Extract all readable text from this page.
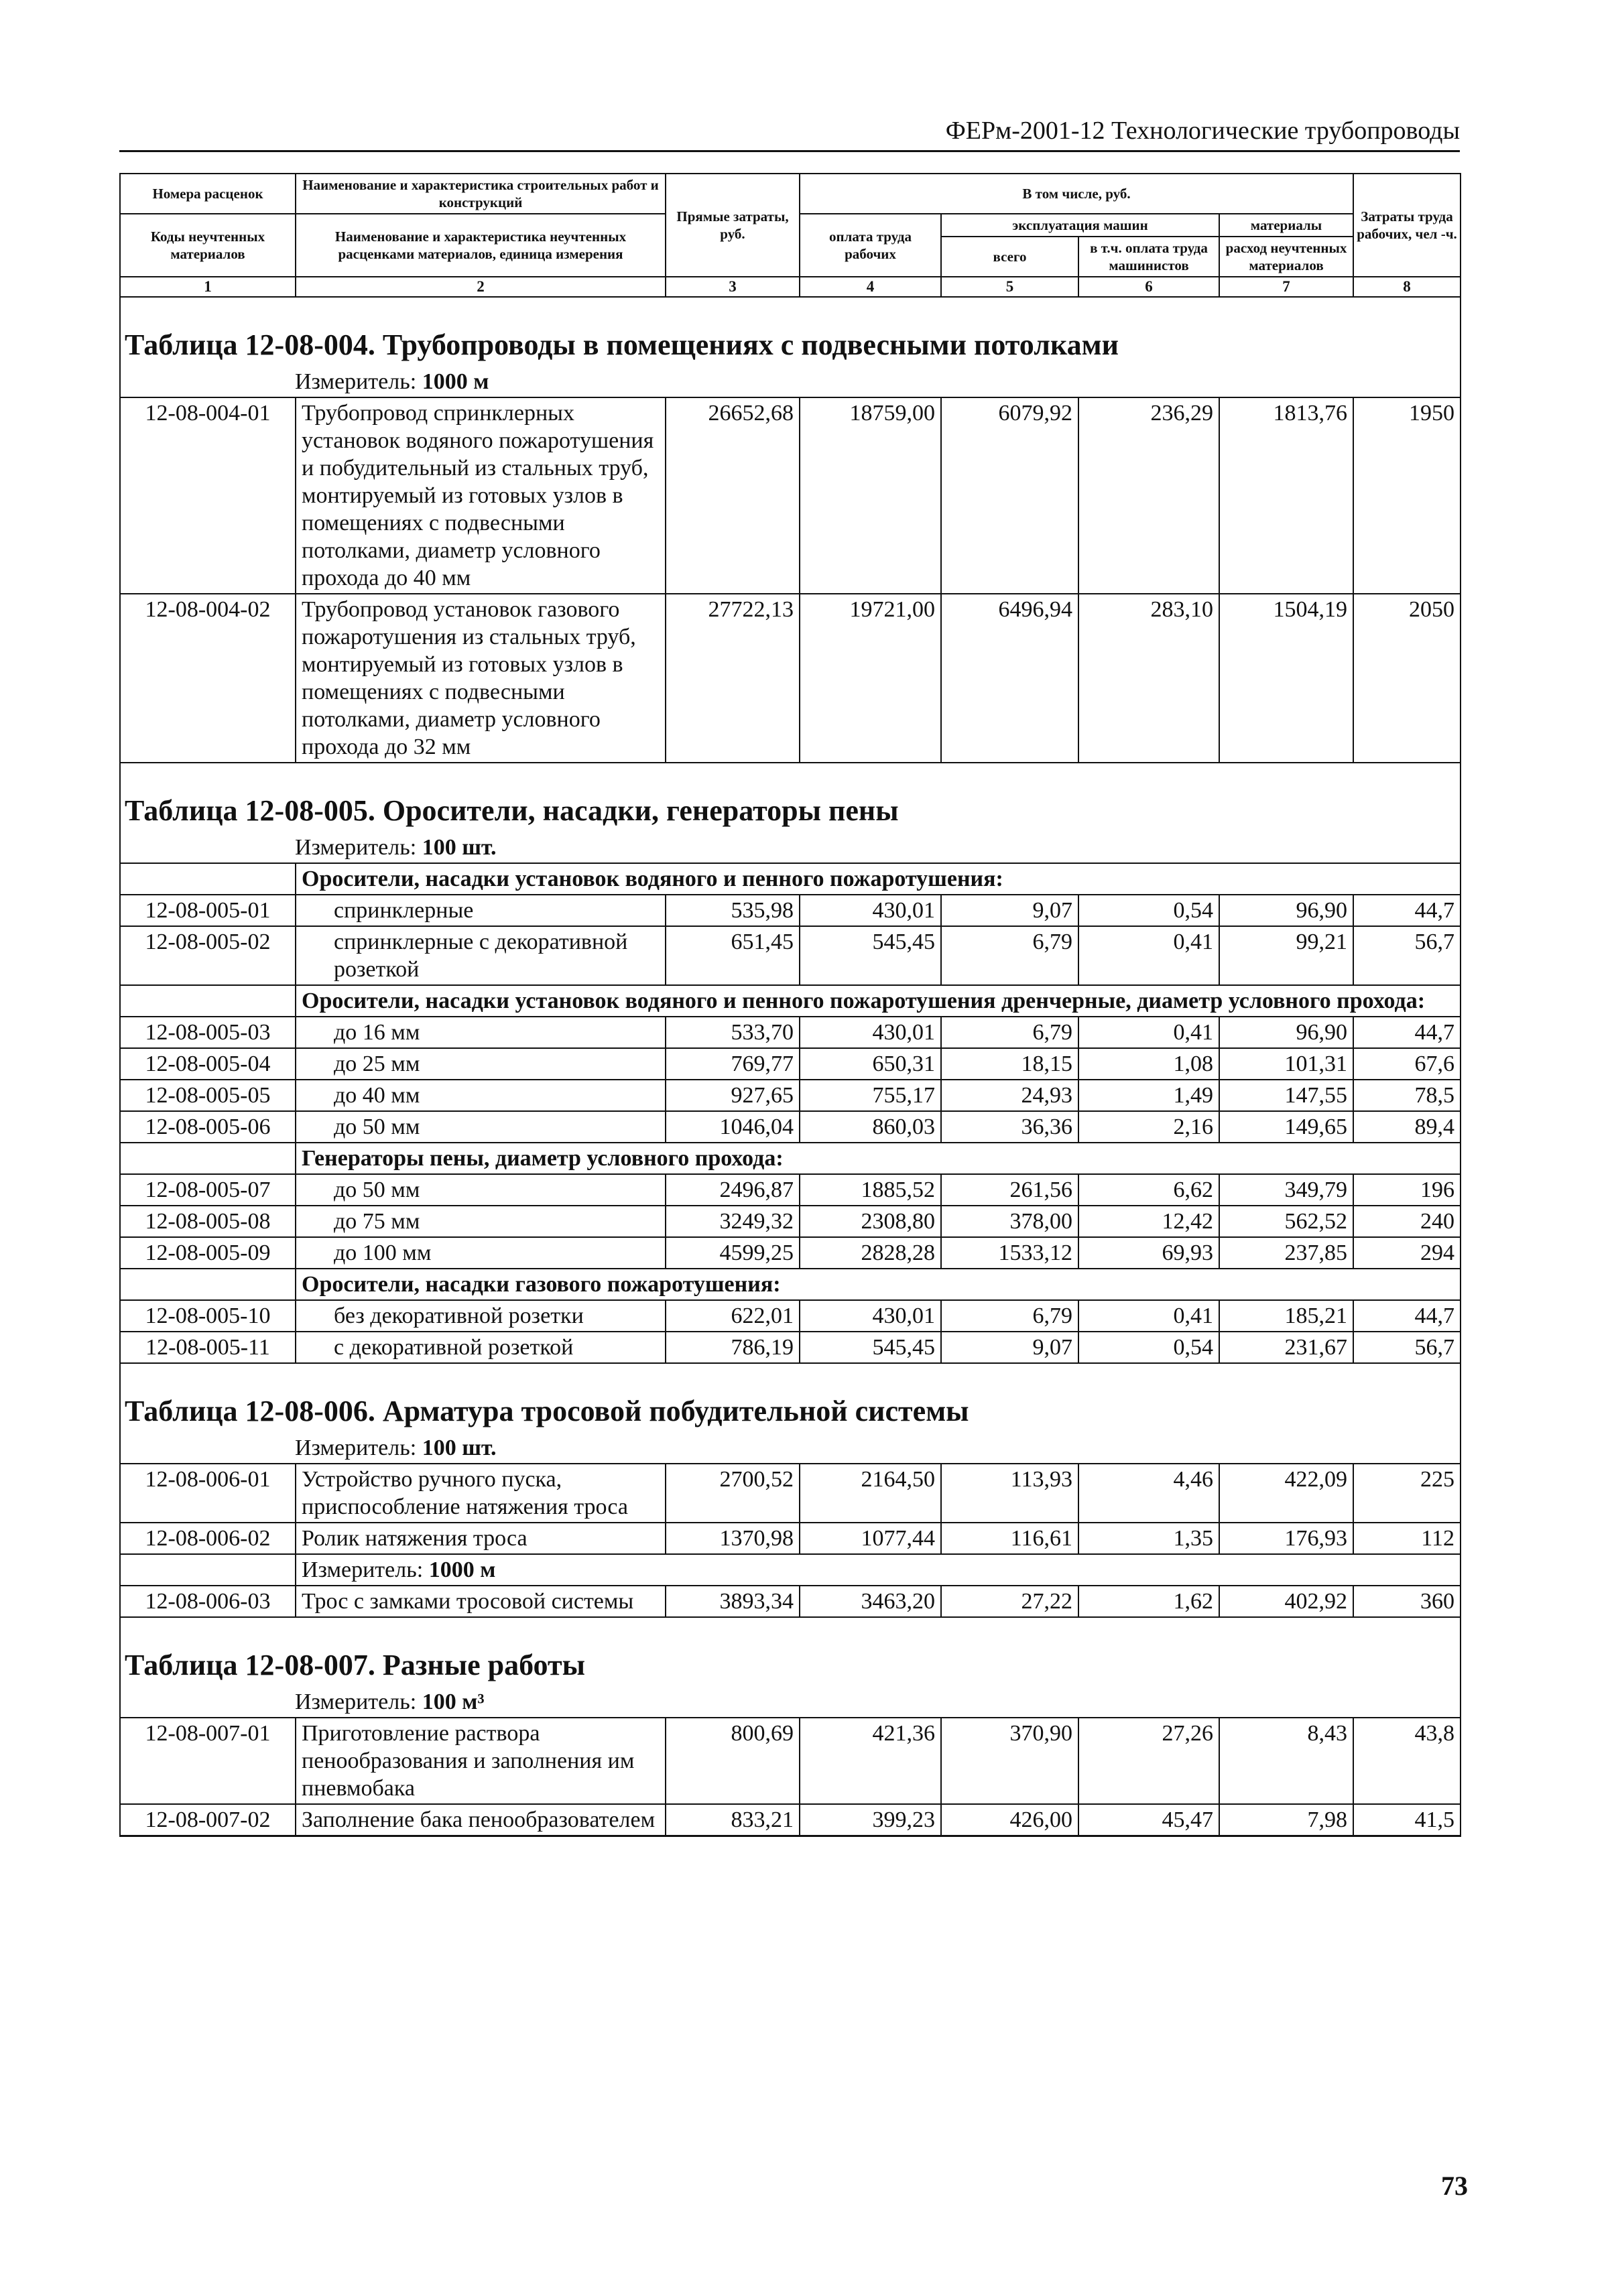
ФЕРм-2001-12 Технологические трубопроводы
Номера расценок	Наименование и характеристика строительных работ и конструкций	Прямые затраты, руб.	В том числе, руб.				Затраты труда рабочих, чел -ч.
Коды неучтенных материалов	Наименование и характеристика неучтенных расценками материалов, единица измерения		оплата труда рабочих	эксплуатация машин		материалы	
				всего	в т.ч. оплата труда машинистов	расход неучтенных материалов	
1	2	3	4	5	6	7	8
Таблица 12-08-004. Трубопроводы в помещениях с подвесными потолками							
Измеритель: 1000 м							
12-08-004-01	Трубопровод спринклерных установок водяного пожаротушения и побудительный из стальных труб, монтируемый из готовых узлов в помещениях с подвесными потолками, диаметр условного прохода до 40 мм	26652,68	18759,00	6079,92	236,29	1813,76	1950
12-08-004-02	Трубопровод установок газового пожаротушения из стальных труб, монтируемый из готовых узлов в помещениях с подвесными потолками, диаметр условного прохода до 32 мм	27722,13	19721,00	6496,94	283,10	1504,19	2050
Таблица 12-08-005. Оросители, насадки, генераторы пены							
Измеритель: 100 шт.							
	Оросители, насадки установок водяного и пенного пожаротушения:						
12-08-005-01	спринклерные	535,98	430,01	9,07	0,54	96,90	44,7
12-08-005-02	спринклерные с декоративной розеткой	651,45	545,45	6,79	0,41	99,21	56,7
	Оросители, насадки установок водяного и пенного пожаротушения дренчерные, диаметр условного прохода:						
12-08-005-03	до 16 мм	533,70	430,01	6,79	0,41	96,90	44,7
12-08-005-04	до 25 мм	769,77	650,31	18,15	1,08	101,31	67,6
12-08-005-05	до 40 мм	927,65	755,17	24,93	1,49	147,55	78,5
12-08-005-06	до 50 мм	1046,04	860,03	36,36	2,16	149,65	89,4
	Генераторы пены, диаметр условного прохода:						
12-08-005-07	до 50 мм	2496,87	1885,52	261,56	6,62	349,79	196
12-08-005-08	до 75 мм	3249,32	2308,80	378,00	12,42	562,52	240
12-08-005-09	до 100 мм	4599,25	2828,28	1533,12	69,93	237,85	294
	Оросители, насадки газового пожаротушения:						
12-08-005-10	без декоративной розетки	622,01	430,01	6,79	0,41	185,21	44,7
12-08-005-11	с декоративной розеткой	786,19	545,45	9,07	0,54	231,67	56,7
Таблица 12-08-006. Арматура тросовой побудительной системы							
Измеритель: 100 шт.							
12-08-006-01	Устройство ручного пуска, приспособление натяжения троса	2700,52	2164,50	113,93	4,46	422,09	225
12-08-006-02	Ролик натяжения троса	1370,98	1077,44	116,61	1,35	176,93	112
	Измеритель: 1000 м						
12-08-006-03	Трос с замками тросовой системы	3893,34	3463,20	27,22	1,62	402,92	360
Таблица 12-08-007. Разные работы							
Измеритель: 100 м³							
12-08-007-01	Приготовление раствора пенообразования и заполнения им пневмобака	800,69	421,36	370,90	27,26	8,43	43,8
12-08-007-02	Заполнение бака пенообразователем	833,21	399,23	426,00	45,47	7,98	41,5
73
